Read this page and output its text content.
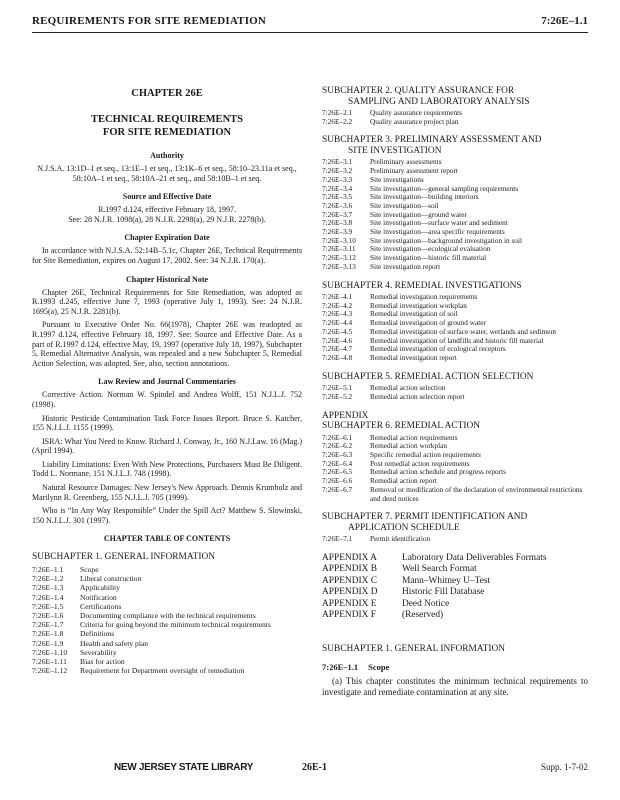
REQUIREMENTS FOR SITE REMEDIATION	7:26E–1.1
CHAPTER 26E
TECHNICAL REQUIREMENTS
FOR SITE REMEDIATION
Authority

N.J.S.A. 13:1D–1 et seq., 13:1E–1 et seq., 13:1K–6 et seq., 58:10–23.11a et seq., 58:10A–1 et seq., 58:10A–21 et seq., and 58:10B–1 et seq.

Source and Effective Date

R.1997 d.124, effective February 18, 1997.

See: 28 N.J.R. 1098(a), 28 N.J.R. 2298(a), 29 N.J.R. 2278(b).

Chapter Expiration Date

In accordance with N.J.S.A. 52:14B–5.1c, Chapter 26E, Technical Requirements for Site Remediation, expires on August 17, 2002. See: 34 N.J.R. 170(a).

Chapter Historical Note

Chapter 26E, Technical Requirements for Site Remediation, was adopted as R.1993 d.245, effective June 7, 1993 (operative July 1, 1993). See: 24 N.J.R. 1695(a), 25 N.J.R. 2281(b).

Pursuant to Executive Order No. 66(1978), Chapter 26E was readopted as R.1997 d.124, effective February 18, 1997. See: Source and Effective Date. As a part of R.1997 d.124, effective May, 19, 1997 (operative July 18, 1997), Subchapter 5, Remedial Alternative Analysis, was repealed and a new Subchapter 5, Remedial Action Selection, was adopted. See, also, section annotations.

Law Review and Journal Commentaries

Corrective Action. Norman W. Spindel and Andrea Wolff, 151 N.J.L.J. 752 (1998).

Historic Pesticide Contamination Task Force Issues Report. Bruce S. Katcher, 155 N.J.L.J. 1155 (1999).

ISRA: What You Need to Know. Richard J. Conway, Jr., 160 N.J.Law. 16 (Mag.) (April 1994).

Liability Limitations: Even With New Protections, Purchasers Must Be Diligent. Todd L. Normane, 151 N.J.L.J. 748 (1998).

Natural Resource Damages: New Jersey's New Approach. Dennis Krumholz and Marilynn R. Greenberg, 155 N.J.L.J. 705 (1999).

Who is “In Any Way Responsible” Under the Spill Act? Matthew S. Slowinski, 150 N.J.L.J. 301 (1997).

CHAPTER TABLE OF CONTENTS
SUBCHAPTER 1. GENERAL INFORMATION
7:26E–1.1	Scope
7:26E–1.2	Liberal construction
7:26E–1.3	Applicability
7:26E–1.4	Notification
7:26E–1.5	Certifications
7:26E–1.6	Documenting compliance with the technical requirements
7:26E–1.7	Criteria for going beyond the minimum technical requirements
7:26E–1.8	Definitions
7:26E–1.9	Health and safety plan
7:26E–1.10	Severability
7:26E–1.11	Bias for action
7:26E–1.12	Requirement for Department oversight of remediation
SUBCHAPTER 2. QUALITY ASSURANCE FOR
SAMPLING AND LABORATORY ANALYSIS
7:26E–2.1	Quality assurance requirements
7:26E–2.2	Quality assurance project plan
SUBCHAPTER 3. PRELIMINARY ASSESSMENT AND
SITE INVESTIGATION
7:26E–3.1	Preliminary assessments
7:26E–3.2	Preliminary assessment report
7:26E–3.3	Site investigations
7:26E–3.4	Site investigation—general sampling requirements
7:26E–3.5	Site investigation—building interiors
7:26E–3.6	Site investigation—soil
7:26E–3.7	Site investigation—ground water
7:26E–3.8	Site investigation—surface water and sediment
7:26E–3.9	Site investigation—area specific requirements
7:26E–3.10	Site investigation—background investigation in soil
7:26E–3.11	Site investigation—ecological evaluation
7:26E–3.12	Site investigation—historic fill material
7:26E–3.13	Site investigation report
SUBCHAPTER 4. REMEDIAL INVESTIGATIONS
7:26E–4.1	Remedial investigation requirements
7:26E–4.2	Remedial investigation workplan
7:26E–4.3	Remedial investigation of soil
7:26E–4.4	Remedial investigation of ground water
7:26E–4.5	Remedial investigation of surface water, wetlands and sediment
7:26E–4.6	Remedial investigation of landfills and historic fill material
7:26E–4.7	Remedial investigation of ecological receptors
7:26E–4.8	Remedial investigation report
SUBCHAPTER 5. REMEDIAL ACTION SELECTION
7:26E–5.1	Remedial action selection
7:26E–5.2	Remedial action selection report
APPENDIX
SUBCHAPTER 6. REMEDIAL ACTION
7:26E–6.1	Remedial action requirements
7:26E–6.2	Remedial action workplan
7:26E–6.3	Specific remedial action requirements
7:26E–6.4	Post remedial action requirements
7:26E–6.5	Remedial action schedule and progress reports
7:26E–6.6	Remedial action report
7:26E–6.7	Removal or modification of the declaration of environmental restrictions and deed notices
SUBCHAPTER 7. PERMIT IDENTIFICATION AND
APPLICATION SCHEDULE
7:26E–7.1	Permit identification
APPENDIX A	Laboratory Data Deliverables Formats
APPENDIX B	Well Search Format
APPENDIX C	Mann–Whitney U–Test
APPENDIX D	Historic Fill Database
APPENDIX E	Deed Notice
APPENDIX F	(Reserved)
SUBCHAPTER 1. GENERAL INFORMATION
7:26E–1.1 Scope

(a) This chapter constitutes the minimum technical requirements to investigate and remediate contamination at any site.

NEW JERSEY STATE LIBRARY	26E-1	Supp. 1-7-02
